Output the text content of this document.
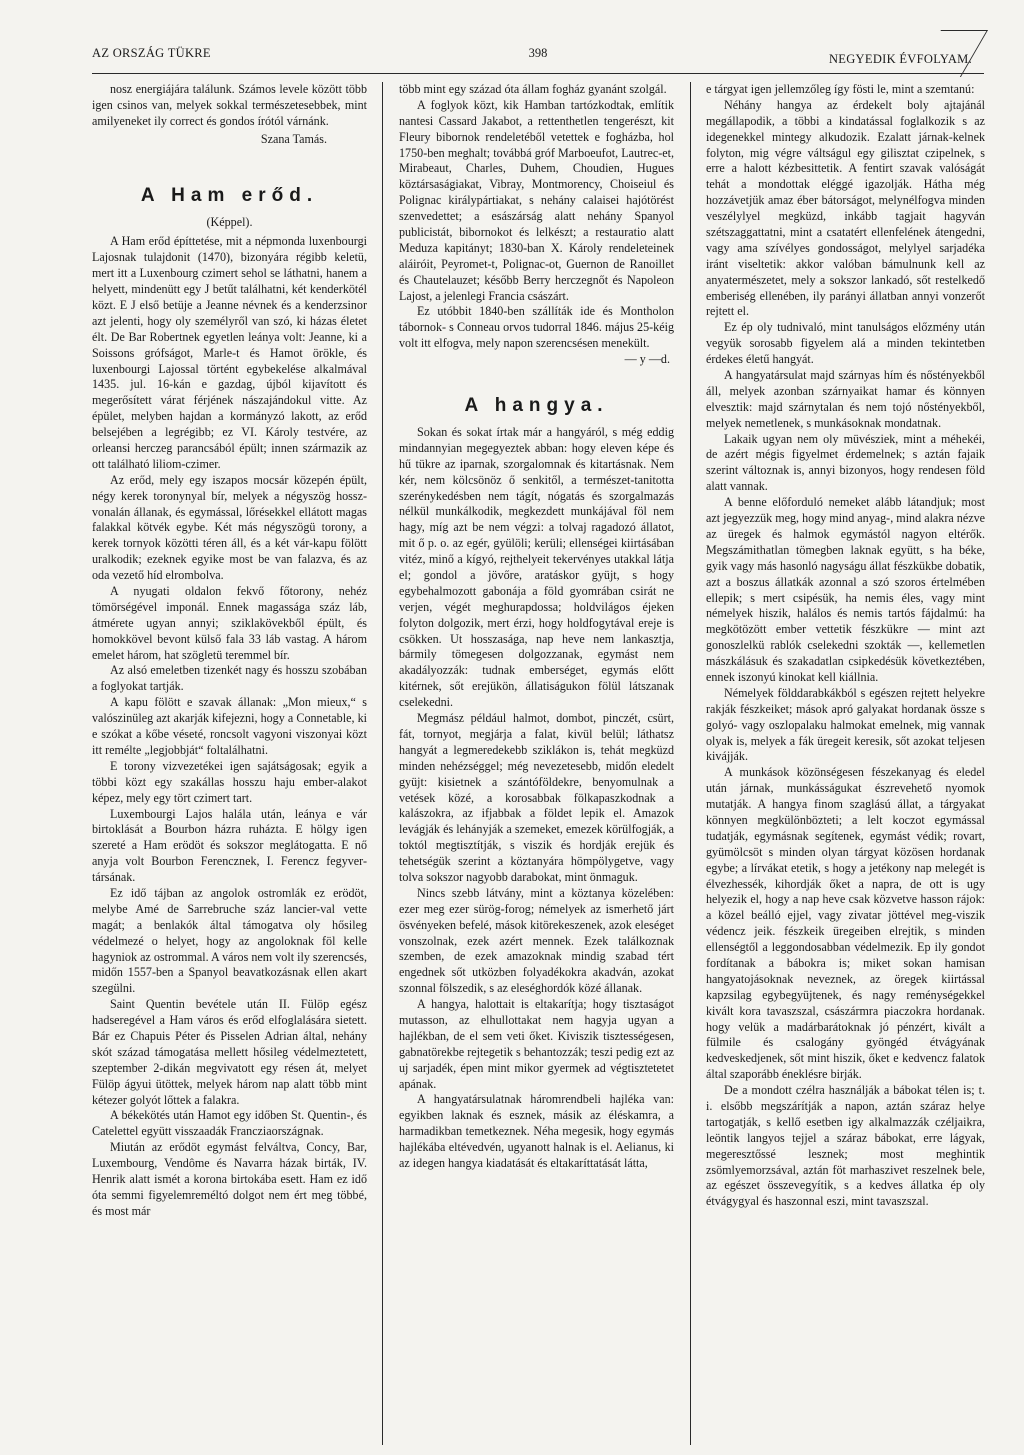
AZ ORSZÁG TÜKRE	398	NEGYEDIK ÉVFOLYAM.

nosz energiájára találunk. Számos levele között több igen csinos van, melyek sokkal természetesebbek, mint amilyeneket ily correct és gondos írótól várnánk.

Szana Tamás.
A Ham erőd.
(Képpel).

A Ham erőd építtetése, mit a népmonda luxenbourgi Lajosnak tulajdonit (1470), bizonyára régibb keletü, mert itt a Luxenbourg czimert sehol se láthatni, hanem a helyett, mindenütt egy J betűt találhatni, két kenderkötél közt. E J első betüje a Jeanne névnek és a kenderzsinor azt jelenti, hogy oly személyről van szó, ki házas életet élt. De Bar Robertnek egyetlen leánya volt: Jeanne, ki a Soissons grófságot, Marle-t és Hamot örökle, és luxenbourgi Lajossal történt egybekelése alkalmával 1435. jul. 16-kán e gazdag, újból kijavított és megerősített várat férjének nászajándokul vitte. Az épület, melyben hajdan a kormányzó lakott, az erőd belsejében a legrégibb; ez VI. Károly testvére, az orleansi herczeg parancsából épült; innen származik az ott található liliom-czimer.

Az erőd, mely egy iszapos mocsár közepén épült, négy kerek toronynyal bír, melyek a négyszög hossz-vonalán állanak, és egymással, lőrésekkel ellátott magas falakkal kötvék egybe. Két más négyszögü torony, a kerek tornyok közötti téren áll, és a két vár-kapu fölött uralkodik; ezeknek egyike most be van falazva, és az oda vezető híd elrombolva.

A nyugati oldalon fekvő főtorony, nehéz tömörségével imponál. Ennek magassága száz láb, átmérete ugyan annyi; sziklakövekből épült, és homokkövel bevont külső fala 33 láb vastag. A három emelet három, hat szögletü teremmel bír.

Az alsó emeletben tizenkét nagy és hosszu szobában a foglyokat tartják.

A kapu fölött e szavak állanak: „Mon mieux,“ s valószinüleg azt akarják kifejezni, hogy a Connetable, ki e szókat a kőbe véseté, roncsolt vagyoni viszonyai közt itt remélte „legjobbját“ foltalálhatni.

E torony vizvezetékei igen sajátságosak; egyik a többi közt egy szakállas hosszu haju ember-alakot képez, mely egy tört czimert tart.

Luxembourgi Lajos halála után, leánya e vár birtoklását a Bourbon házra ruházta. E hölgy igen szereté a Ham erödöt és sokszor meglátogatta. E nő anyja volt Bourbon Ferencznek, I. Ferencz fegyver-társának.

Ez idő tájban az angolok ostromlák ez erödöt, melybe Amé de Sarrebruche száz lancier-val vette magát; a benlakók által támogatva oly hősileg védelmezé o helyet, hogy az angoloknak föl kelle hagyniok az ostrommal. A város nem volt ily szerencsés, midőn 1557-ben a Spanyol beavatkozásnak ellen akart szegülni.

Saint Quentin bevétele után II. Fülöp egész hadseregével a Ham város és erőd elfoglalására sietett. Bár ez Chapuis Péter és Pisselen Adrian által, nehány skót század támogatása mellett hősileg védelmeztetett, szeptember 2-dikán megvivatott egy résen át, melyet Fülöp ágyui ütöttek, melyek három nap alatt több mint kétezer golyót lőttek a falakra.

A békekötés után Hamot egy időben St. Quentin-, és Catelettel együtt visszaadák Francziaországnak.

Miután az erődöt egymást felváltva, Concy, Bar, Luxembourg, Vendôme és Navarra házak birták, IV. Henrik alatt ismét a korona birtokába esett. Ham ez idő óta semmi figyelemreméltó dolgot nem ért meg többé, és most már

több mint egy század óta állam fogház gyanánt szolgál.

A foglyok közt, kik Hamban tartózkodtak, említik nantesi Cassard Jakabot, a rettenthetlen tengerészt, kit Fleury bibornok rendeletéből vetettek e fogházba, hol 1750-ben meghalt; továbbá gróf Marboeufot, Lautrec-et, Mirabeaut, Charles, Duhem, Choudien, Hugues köztársaságiakat, Vibray, Montmorency, Choiseiul és Polignac királypártiakat, s nehány calaisei hajótörést szenvedettet; a esászárság alatt nehány Spanyol publicistát, bibornokot és lelkészt; a restauratio alatt Meduza kapitányt; 1830-ban X. Károly rendeleteinek aláiróit, Peyromet-t, Polignac-ot, Guernon de Ranoillet és Chautelauzet; később Berry herczegnőt és Napoleon Lajost, a jelenlegi Francia császárt.

Ez utóbbit 1840-ben szállíták ide és Montholon tábornok- s Conneau orvos tudorral 1846. május 25-kéig volt itt elfogva, mely napon szerencsésen menekült.

— y —d.
A hangya.

Sokan és sokat írtak már a hangyáról, s még eddig mindannyian megegyeztek abban: hogy eleven képe és hű tükre az iparnak, szorgalomnak és kitartásnak. Nem kér, nem kölcsönöz ő senkitől, a természet-tanitotta szerénykedésben nem tágít, nógatás és szorgalmazás nélkül munkálkodik, megkezdett munkájával föl nem hagy, míg azt be nem végzi: a tolvaj ragadozó állatot, mit ő p. o. az egér, gyülöli; kerüli; ellenségei kiirtásában vitéz, minő a kígyó, rejthelyeit tekervényes utakkal látja el; gondol a jövőre, aratáskor gyüjt, s hogy egybehalmozott gabonája a föld gyomrában csirát ne verjen, végét meghurapdossa; holdvilágos éjeken folyton dolgozik, mert érzi, hogy holdfogytával ereje is csökken. Ut hosszasága, nap heve nem lankasztja, bármily tömegesen dolgozzanak, egymást nem akadályozzák: tudnak emberséget, egymás előtt kitérnek, sőt erejükön, állatiságukon fölül látszanak cselekedni.

Megmász például halmot, dombot, pinczét, csürt, fát, tornyot, megjárja a falat, kivül belül; láthatsz hangyát a legmeredekebb sziklákon is, tehát megküzd minden nehézséggel; még nevezetesebb, midőn eledelt gyüjt: kisietnek a szántóföldekre, benyomulnak a vetések közé, a korosabbak fölkapaszkodnak a kalászokra, az ifjabbak a földet lepik el. Amazok levágják és lehányják a szemeket, emezek körülfogják, a toktól megtisztítják, s viszik és hordják erejük és tehetségük szerint a köztanyára hömpölygetve, vagy tolva sokszor nagyobb darabokat, mint önmaguk.

Nincs szebb látvány, mint a köztanya közelében: ezer meg ezer sürög-forog; némelyek az ismerhető járt ösvényeken befelé, mások kitörekeszenek, azok eleséget vonszolnak, ezek azért mennek. Ezek találkoznak szemben, de ezek amazoknak mindig szabad tért engednek sőt utközben folyadékokra akadván, azokat szonnal fölszedik, s az eleséghordók közé állanak.

A hangya, halottait is eltakarítja; hogy tisztaságot mutasson, az elhullottakat nem hagyja ugyan a hajlékban, de el sem veti őket. Kiviszik tisztességesen, gabnatörekbe rejtegetik s behantozzák; teszi pedig ezt az uj sarjadék, épen mint mikor gyermek ad végtisztetetet apának.

A hangyatársulatnak háromrendbeli hajléka van: egyikben laknak és esznek, másik az éléskamra, a harmadikban temetkeznek. Néha megesik, hogy egymás hajlékába eltévedvén, ugyanott halnak is el. Aelianus, ki az idegen hangya kiadatását és eltakaríttatását látta,

e tárgyat igen jellemzőleg így fösti le, mint a szemtanú:

Néhány hangya az érdekelt boly ajtajánál megállapodik, a többi a kindatással foglalkozik s az idegenekkel mintegy alkudozik. Ezalatt járnak-kelnek folyton, mig végre váltságul egy gilisztat czipelnek, s erre a halott kézbesittetik. A fentirt szavak valóságát tehát a mondottak eléggé igazolják. Hátha még hozzávetjük amaz éber bátorságot, melynélfogva minden veszélylyel megküzd, inkább tagjait hagyván szétszaggattatni, mint a csatatért ellenfelének átengedni, vagy ama szívélyes gondosságot, melylyel sarjadéka iránt viseltetik: akkor valóban bámulnunk kell az anyatermészetet, mely a sokszor lankadó, sőt restelkedő emberiség ellenében, ily parányi állatban annyi vonzerőt rejtett el.

Ez ép oly tudnivaló, mint tanulságos előzmény után vegyük sorosabb figyelem alá a minden tekintetben érdekes életű hangyát.

A hangyatársulat majd szárnyas hím és nőstényekből áll, melyek azonban szárnyaikat hamar és könnyen elvesztik: majd szárnytalan és nem tojó nőstényekből, melyek nemetlenek, s munkásoknak mondatnak.

Lakaik ugyan nem oly müvésziek, mint a méhekéi, de azért mégis figyelmet érdemelnek; s aztán fajaik szerint változnak is, annyi bizonyos, hogy rendesen föld alatt vannak.

A benne előforduló nemeket alább látandjuk; most azt jegyezzük meg, hogy mind anyag-, mind alakra nézve az üregek és halmok egymástól nagyon eltérők. Megszámithatlan tömegben laknak együtt, s ha béke, gyik vagy más hasonló nagyságu állat fészkükbe dobatik, azt a boszus állatkák azonnal a szó szoros értelmében ellepik; s mert csipésük, ha nemis éles, vagy mint némelyek hiszik, halálos és nemis tartós fájdalmú: ha megkötözött ember vettetik fészkükre — mint azt gonoszlelkü rablók cselekedni szokták —, kellemetlen mászkálásuk és szakadatlan csipkedésük következtében, ennek iszonyú kinokat kell kiállnia.

Némelyek földdarabkákból s egészen rejtett helyekre rakják fészkeiket; mások apró galyakat hordanak össze s golyó- vagy oszlopalaku halmokat emelnek, mig vannak olyak is, melyek a fák üregeit keresik, sőt azokat teljesen kivájják.

A munkások közönségesen fészekanyag és eledel után járnak, munkásságukat észrevehető nyomok mutatják. A hangya finom szaglású állat, a tárgyakat könnyen megkülönbözteti; a lelt koczot egymással tudatják, egymásnak segítenek, egymást védik; rovart, gyümölcsöt s minden olyan tárgyat közösen hordanak egybe; a lírvákat etetik, s hogy a jetékony nap melegét is élvezhessék, kihordják őket a napra, de ott is ugy helyezik el, hogy a nap heve csak közvetve hasson rájok: a közel beálló ejjel, vagy zivatar jöttével meg-viszik védencz jeik. fészkeik üregeiben elrejtik, s minden ellenségtől a leggondosabban védelmezik. Ep ily gondot fordítanak a bábokra is; miket sokan hamisan hangyatojásoknak neveznek, az öregek kiirtással kapzsilag egybegyüjtenek, és nagy reménységekkel kivált kora tavaszszal, császármra piaczokra hordanak. hogy velük a madárbarátoknak jó pénzért, kivált a fülmile és csalogány gyöngéd étvágyának kedveskedjenek, sőt mint hiszik, őket e kedvencz falatok által szaporább éneklésre birják.

De a mondott czélra használják a bábokat télen is; t. i. elsőbb megszárítják a napon, aztán száraz helye tartogatják, s kellő esetben igy alkalmazzák czéljaikra, leöntik langyos tejjel a száraz bábokat, erre lágyak, megeresztőssé lesznek; most meghintik zsömlyemorzsával, aztán föt marhaszivet reszelnek bele, az egészet összevegyítik, s a kedves állatka ép oly étvágygyal és haszonnal eszi, mint tavaszszal.
